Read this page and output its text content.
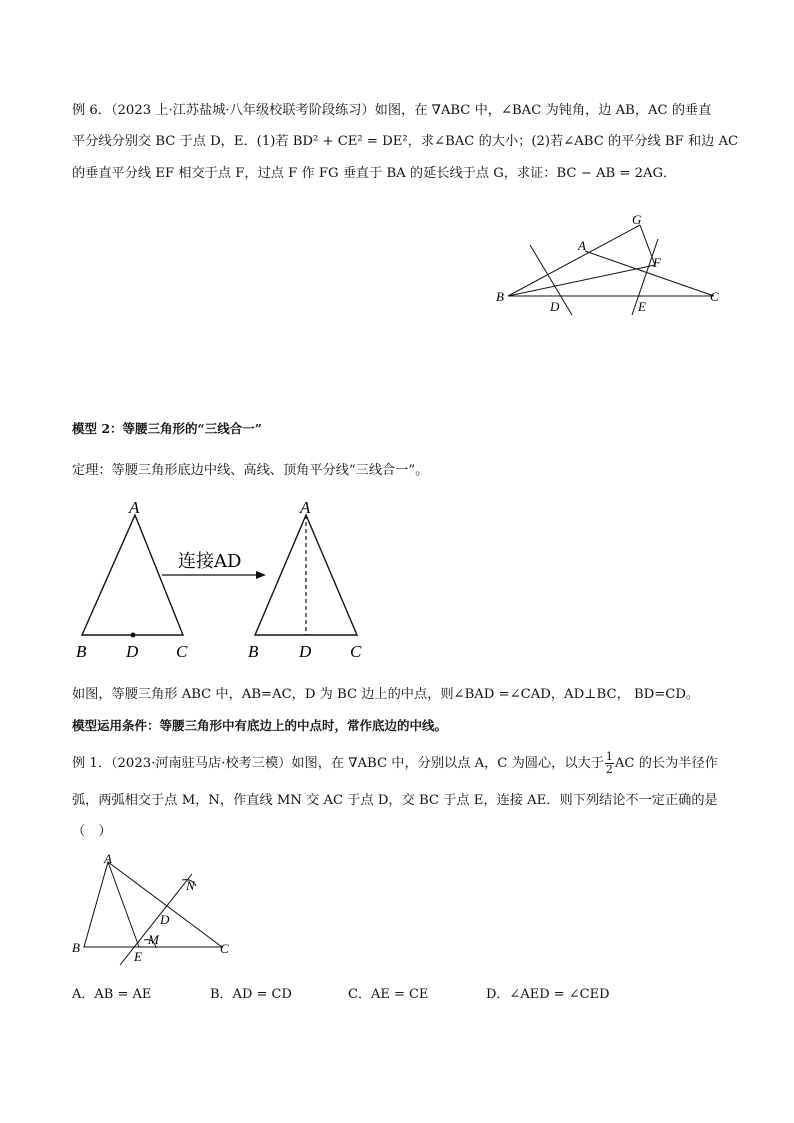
例 6．（2023 上·江苏盐城·八年级校联考阶段练习）如图，在 ∇ABC 中，∠BAC 为钝角，边 AB，AC 的垂直
平分线分别交 BC 于点 D，E．(1)若 BD² + CE² = DE²，求∠BAC 的大小；(2)若∠ABC 的平分线 BF 和边 AC
的垂直平分线 EF 相交于点 F，过点 F 作 FG 垂直于 BA 的延长线于点 G，求证：BC − AB = 2AG．
G
A
F
B
D	E
C
模型 2：等腰三角形的“三线合一”
定理：等腰三角形底边中线、高线、顶角平分线“三线合一”。
连接AD
A
B D C
A
B D C
如图，等腰三角形 ABC 中，AB=AC，D 为 BC 边上的中点，则∠BAD =∠CAD，AD⊥BC， BD=CD。
模型运用条件：等腰三角形中有底边上的中点时，常作底边的中线。
例 1．（2023·河南驻马店·校考三模）如图，在 ∇ABC 中，分别以点 A，C 为圆心，以大于 $\frac{1}{2}$ AC 的长为半径作
弧，两弧相交于点 M，N，作直线 MN 交 AC 于点 D，交 BC 于点 E，连接 AE．则下列结论不一定正确的是
（　）
A
N
D
B
M
C
E
A．AB = AE	B．AD = CD	C．AE = CE	D．∠AED = ∠CED
